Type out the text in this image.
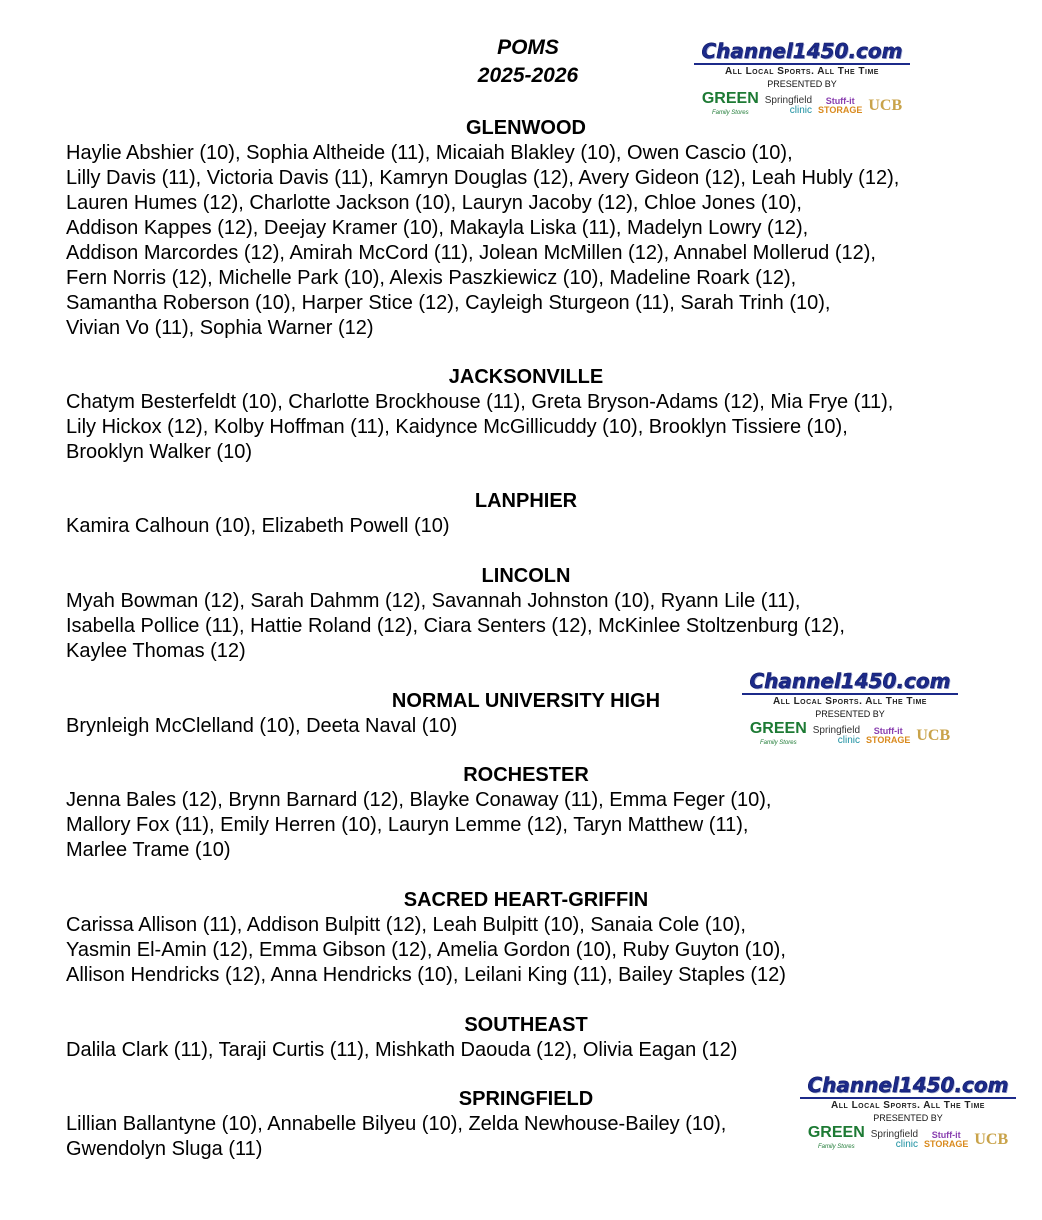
POMS
2025-2026
Channel1450.com
All Local Sports. All The Time
PRESENTED BY
GREEN
Family Stores
Springfield
clinic
Stuff-it
STORAGE UCB
Channel1450.com
All Local Sports. All The Time
PRESENTED BY
GREEN
Family Stores
Springfield
clinic
Stuff-it
STORAGE UCB
Channel1450.com
All Local Sports. All The Time
PRESENTED BY
GREEN
Family Stores
Springfield
clinic
Stuff-it
STORAGE UCB
GLENWOOD

Haylie Abshier (10), Sophia Altheide (11), Micaiah Blakley (10), Owen Cascio (10),
Lilly Davis (11), Victoria Davis (11), Kamryn Douglas (12), Avery Gideon (12), Leah Hubly (12),
Lauren Humes (12), Charlotte Jackson (10), Lauryn Jacoby (12), Chloe Jones (10),
Addison Kappes (12), Deejay Kramer (10), Makayla Liska (11), Madelyn Lowry (12),
Addison Marcordes (12), Amirah McCord (11), Jolean McMillen (12), Annabel Mollerud (12),
Fern Norris (12), Michelle Park (10), Alexis Paszkiewicz (10), Madeline Roark (12),
Samantha Roberson (10), Harper Stice (12), Cayleigh Sturgeon (11), Sarah Trinh (10),
Vivian Vo (11), Sophia Warner (12)

JACKSONVILLE

Chatym Besterfeldt (10), Charlotte Brockhouse (11), Greta Bryson-Adams (12), Mia Frye (11),
Lily Hickox (12), Kolby Hoffman (11), Kaidynce McGillicuddy (10), Brooklyn Tissiere (10),
Brooklyn Walker (10)

LANPHIER

Kamira Calhoun (10), Elizabeth Powell (10)

LINCOLN

Myah Bowman (12), Sarah Dahmm (12), Savannah Johnston (10), Ryann Lile (11),
Isabella Pollice (11), Hattie Roland (12), Ciara Senters (12), McKinlee Stoltzenburg (12),
Kaylee Thomas (12)

NORMAL UNIVERSITY HIGH

Brynleigh McClelland (10), Deeta Naval (10)

ROCHESTER

Jenna Bales (12), Brynn Barnard (12), Blayke Conaway (11), Emma Feger (10),
Mallory Fox (11), Emily Herren (10), Lauryn Lemme (12), Taryn Matthew (11),
Marlee Trame (10)

SACRED HEART-GRIFFIN

Carissa Allison (11), Addison Bulpitt (12), Leah Bulpitt (10), Sanaia Cole (10),
Yasmin El-Amin (12), Emma Gibson (12), Amelia Gordon (10), Ruby Guyton (10),
Allison Hendricks (12), Anna Hendricks (10), Leilani King (11), Bailey Staples (12)

SOUTHEAST

Dalila Clark (11), Taraji Curtis (11), Mishkath Daouda (12), Olivia Eagan (12)

SPRINGFIELD

Lillian Ballantyne (10), Annabelle Bilyeu (10), Zelda Newhouse-Bailey (10),
Gwendolyn Sluga (11)
